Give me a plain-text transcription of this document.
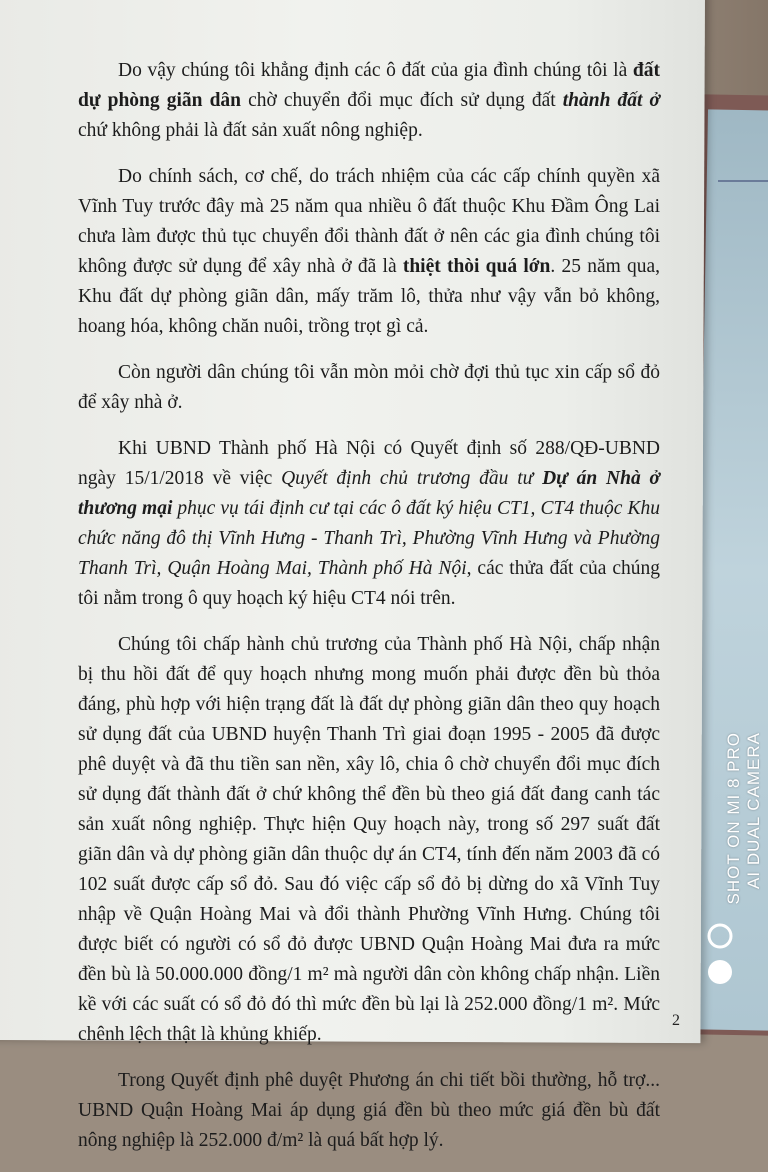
Do vậy chúng tôi khẳng định các ô đất của gia đình chúng tôi là đất dự phòng giãn dân chờ chuyển đổi mục đích sử dụng đất thành đất ở chứ không phải là đất sản xuất nông nghiệp.

Do chính sách, cơ chế, do trách nhiệm của các cấp chính quyền xã Vĩnh Tuy trước đây mà 25 năm qua nhiều ô đất thuộc Khu Đầm Ông Lai chưa làm được thủ tục chuyển đổi thành đất ở nên các gia đình chúng tôi không được sử dụng để xây nhà ở đã là thiệt thòi quá lớn. 25 năm qua, Khu đất dự phòng giãn dân, mấy trăm lô, thửa như vậy vẫn bỏ không, hoang hóa, không chăn nuôi, trồng trọt gì cả.

Còn người dân chúng tôi vẫn mòn mỏi chờ đợi thủ tục xin cấp sổ đỏ để xây nhà ở.

Khi UBND Thành phố Hà Nội có Quyết định số 288/QĐ-UBND ngày 15/1/2018 về việc Quyết định chủ trương đầu tư Dự án Nhà ở thương mại phục vụ tái định cư tại các ô đất ký hiệu CT1, CT4 thuộc Khu chức năng đô thị Vĩnh Hưng - Thanh Trì, Phường Vĩnh Hưng và Phường Thanh Trì, Quận Hoàng Mai, Thành phố Hà Nội, các thửa đất của chúng tôi nằm trong ô quy hoạch ký hiệu CT4 nói trên.

Chúng tôi chấp hành chủ trương của Thành phố Hà Nội, chấp nhận bị thu hồi đất để quy hoạch nhưng mong muốn phải được đền bù thỏa đáng, phù hợp với hiện trạng đất là đất dự phòng giãn dân theo quy hoạch sử dụng đất của UBND huyện Thanh Trì giai đoạn 1995 - 2005 đã được phê duyệt và đã thu tiền san nền, xây lô, chia ô chờ chuyển đổi mục đích sử dụng đất thành đất ở chứ không thể đền bù theo giá đất đang canh tác sản xuất nông nghiệp. Thực hiện Quy hoạch này, trong số 297 suất đất giãn dân và dự phòng giãn dân thuộc dự án CT4, tính đến năm 2003 đã có 102 suất được cấp sổ đỏ. Sau đó việc cấp sổ đỏ bị dừng do xã Vĩnh Tuy nhập về Quận Hoàng Mai và đổi thành Phường Vĩnh Hưng. Chúng tôi được biết có người có sổ đỏ được UBND Quận Hoàng Mai đưa ra mức đền bù là 50.000.000 đồng/1 m² mà người dân còn không chấp nhận. Liền kề với các suất có sổ đỏ đó thì mức đền bù lại là 252.000 đồng/1 m². Mức chênh lệch thật là khủng khiếp.

Trong Quyết định phê duyệt Phương án chi tiết bồi thường, hỗ trợ... UBND Quận Hoàng Mai áp dụng giá đền bù theo mức giá đền bù đất nông nghiệp là 252.000 đ/m² là quá bất hợp lý.

2
SHOT ON MI 8 PRO AI DUAL CAMERA
